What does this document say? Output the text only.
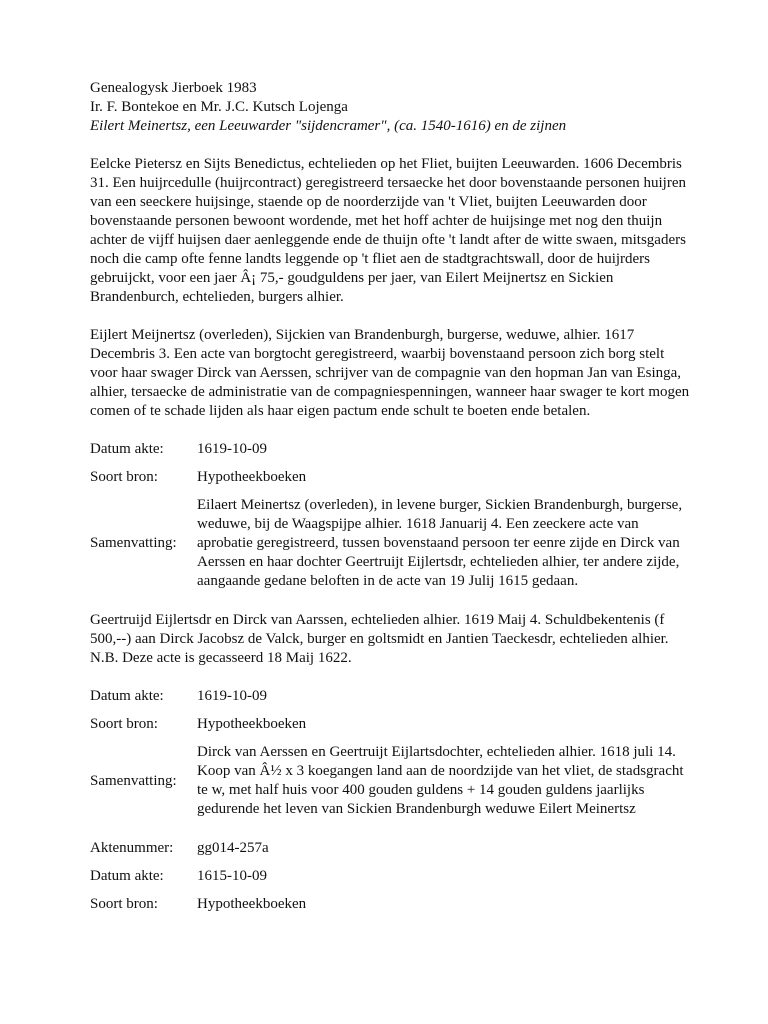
Genealogysk Jierboek 1983
Ir. F. Bontekoe en Mr. J.C. Kutsch Lojenga
Eilert Meinertsz, een Leeuwarder "sijdencramer", (ca. 1540-1616) en de zijnen

Eelcke Pietersz en Sijts Benedictus, echtelieden op het Fliet, buijten Leeuwarden. 1606 Decembris 31. Een huijrcedulle (huijrcontract) geregistreerd tersaecke het door bovenstaande personen huijren van een seeckere huijsinge, staende op de noorderzijde van 't Vliet, buijten Leeuwarden door bovenstaande personen bewoont wordende, met het hoff achter de huijsinge met nog den thuijn achter de vijff huijsen daer aenleggende ende de thuijn ofte 't landt after de witte swaen, mitsgaders noch die camp ofte fenne landts leggende op 't fliet aen de stadtgrachtswall, door de huijrders gebruijckt, voor een jaer Â¡ 75,- goudguldens per jaer, van Eilert Meijnertsz en Sickien Brandenburch, echtelieden, burgers alhier.

Eijlert Meijnertsz (overleden), Sijckien van Brandenburgh, burgerse, weduwe, alhier. 1617 Decembris 3. Een acte van borgtocht geregistreerd, waarbij bovenstaand persoon zich borg stelt voor haar swager Dirck van Aerssen, schrijver van de compagnie van den hopman Jan van Esinga, alhier, tersaecke de administratie van de compagniespenningen, wanneer haar swager te kort mogen comen of te schade lijden als haar eigen pactum ende schult te boeten ende betalen.

Datum akte:	1619-10-09
Soort bron:	Hypotheekboeken
Samenvatting:
Eilaert Meinertsz (overleden), in levene burger, Sickien Brandenburgh, burgerse, weduwe, bij de Waagspijpe alhier. 1618 Januarij 4. Een zeeckere acte van aprobatie geregistreerd, tussen bovenstaand persoon ter eenre zijde en Dirck van Aerssen en haar dochter Geertruijt Eijlertsdr, echtelieden alhier, ter andere zijde, aangaande gedane beloften in de acte van 19 Julij 1615 gedaan.

Geertruijd Eijlertsdr en Dirck van Aarssen, echtelieden alhier. 1619 Maij 4. Schuldbekentenis (f 500,--) aan Dirck Jacobsz de Valck, burger en goltsmidt en Jantien Taeckesdr, echtelieden alhier. N.B. Deze acte is gecasseerd 18 Maij 1622.

Datum akte:	1619-10-09
Soort bron:	Hypotheekboeken
Samenvatting:
Dirck van Aerssen en Geertruijt Eijlartsdochter, echtelieden alhier. 1618 juli 14. Koop van Â½ x 3 koegangen land aan de noordzijde van het vliet, de stadsgracht te w, met half huis voor 400 gouden guldens + 14 gouden guldens jaarlijks gedurende het leven van Sickien Brandenburgh weduwe Eilert Meinertsz
Aktenummer:	gg014-257a
Datum akte:	1615-10-09
Soort bron:	Hypotheekboeken
